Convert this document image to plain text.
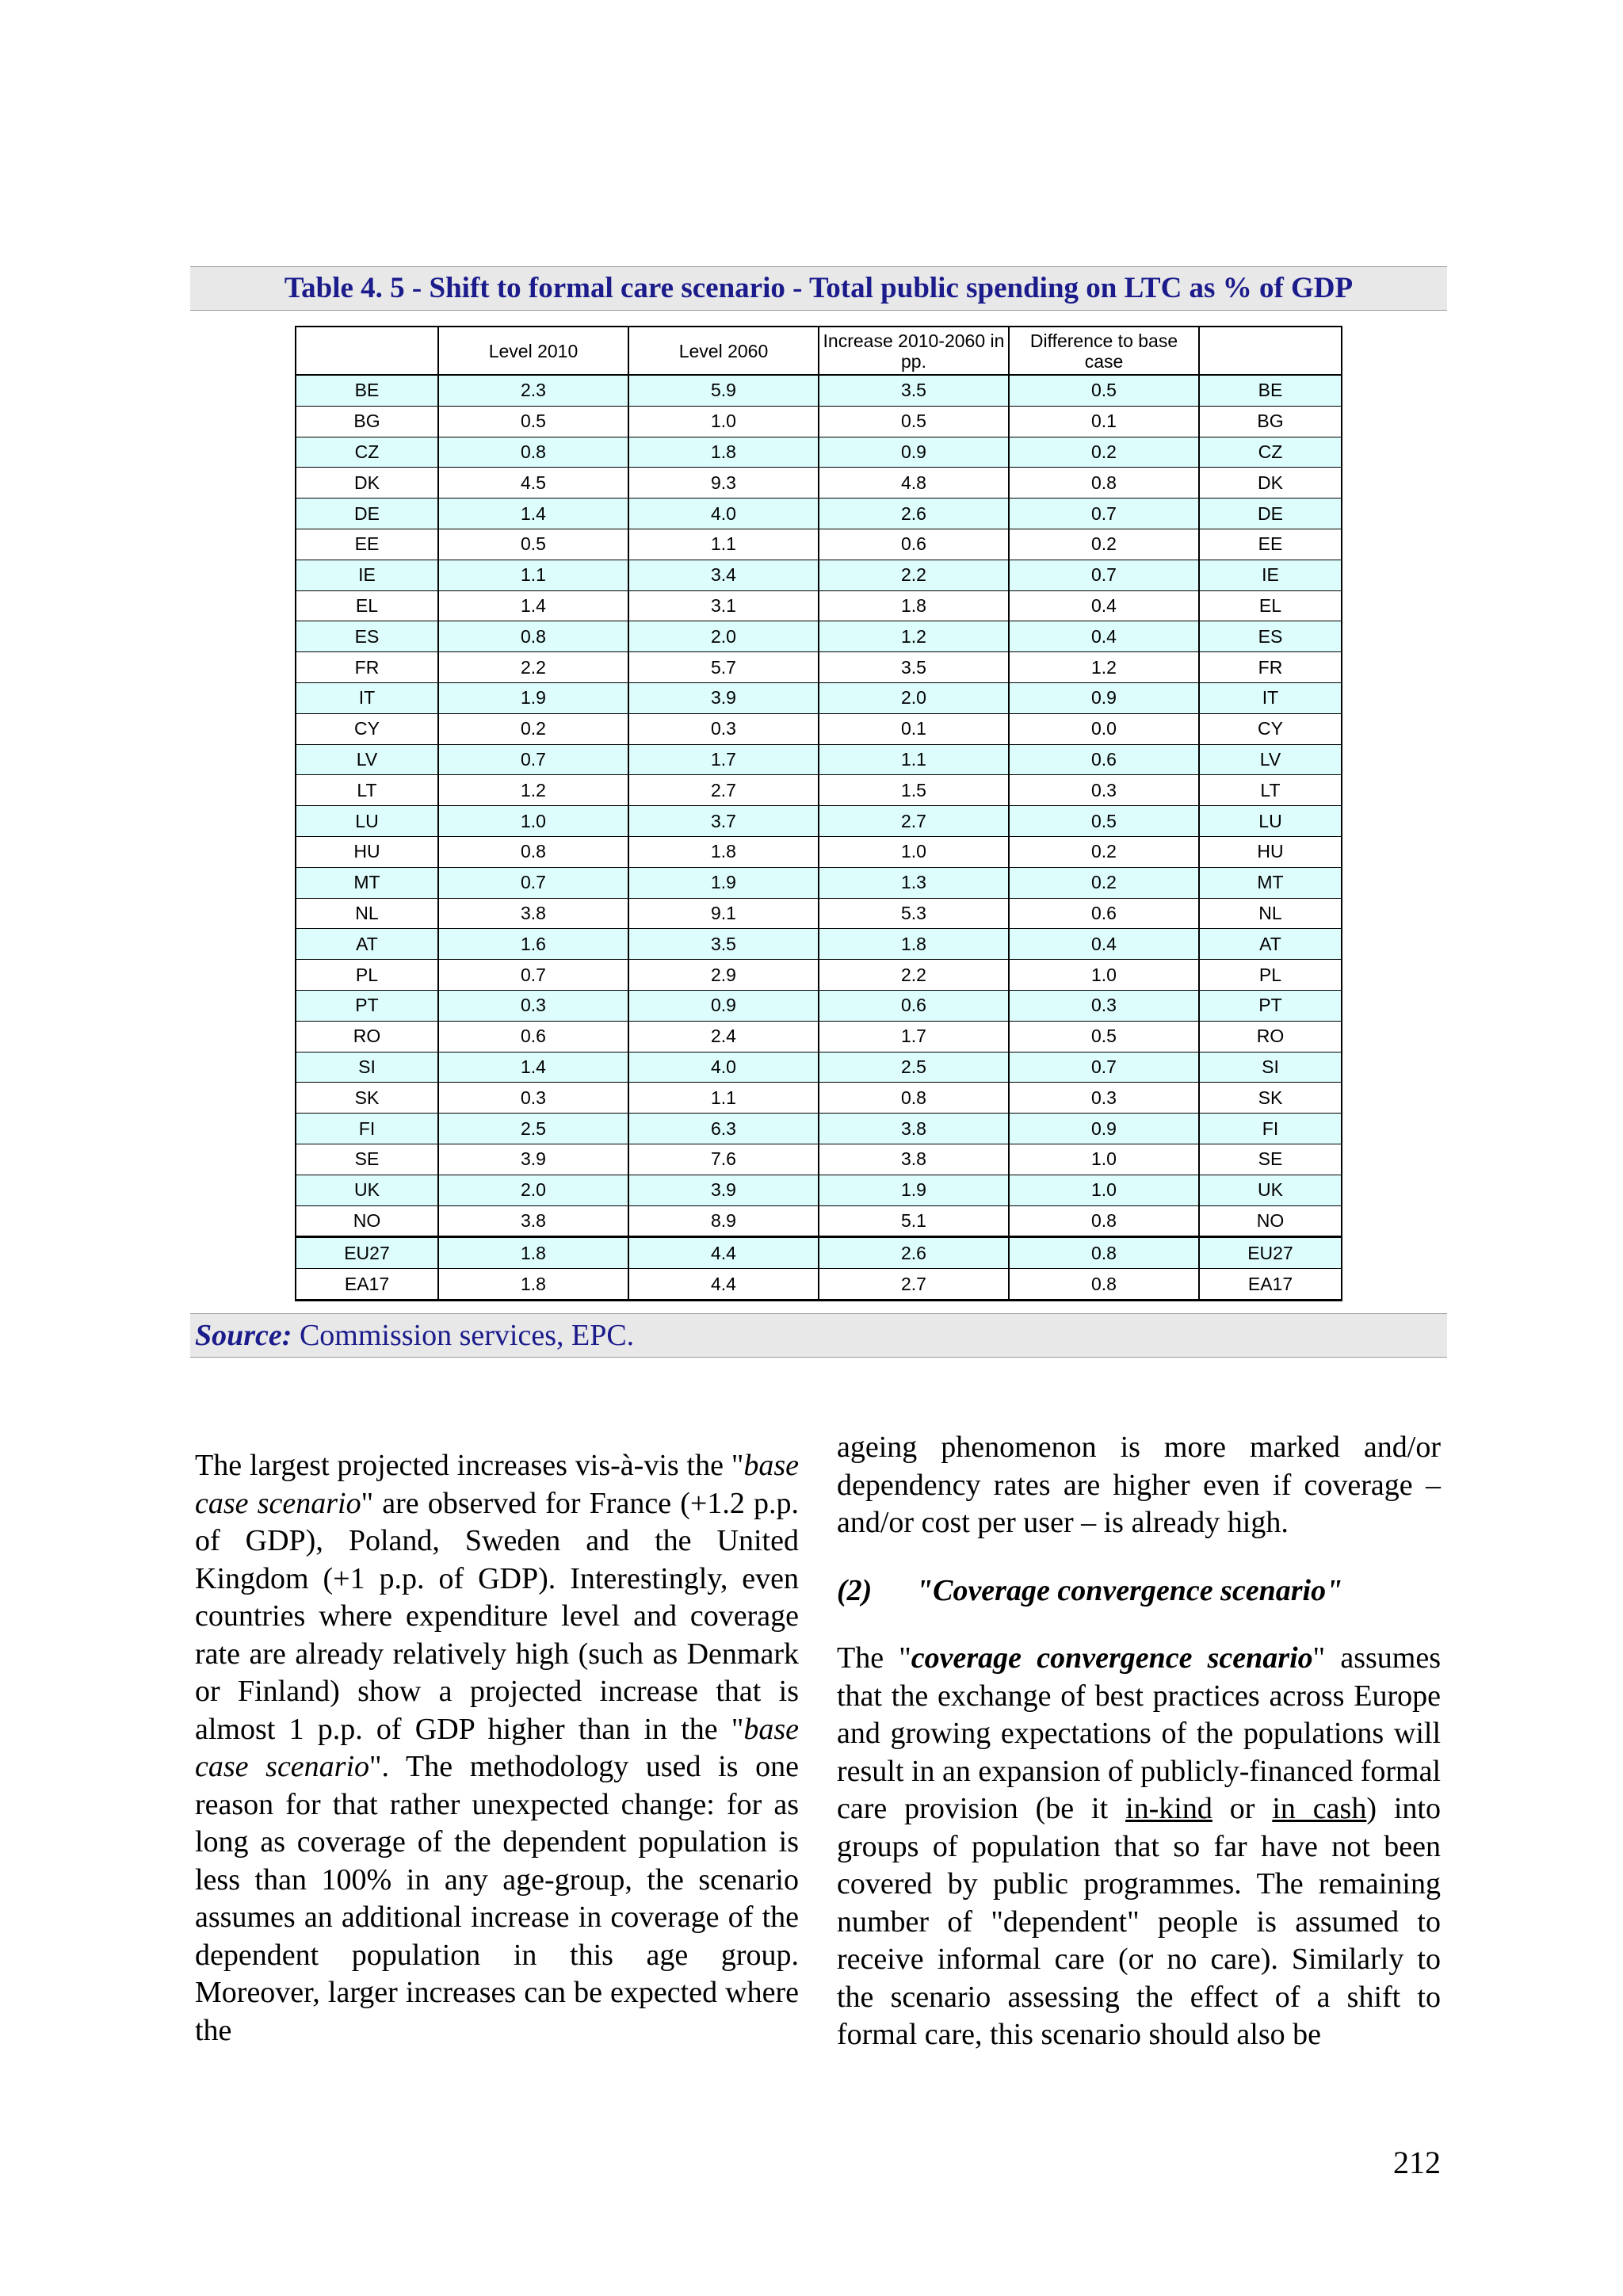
Table 4. 5 - Shift to formal care scenario - Total public spending on LTC as % of GDP
	Level 2010	Level 2060	Increase 2010-2060 in pp.	Difference to base case	
BE	2.3	5.9	3.5	0.5	BE
BG	0.5	1.0	0.5	0.1	BG
CZ	0.8	1.8	0.9	0.2	CZ
DK	4.5	9.3	4.8	0.8	DK
DE	1.4	4.0	2.6	0.7	DE
EE	0.5	1.1	0.6	0.2	EE
IE	1.1	3.4	2.2	0.7	IE
EL	1.4	3.1	1.8	0.4	EL
ES	0.8	2.0	1.2	0.4	ES
FR	2.2	5.7	3.5	1.2	FR
IT	1.9	3.9	2.0	0.9	IT
CY	0.2	0.3	0.1	0.0	CY
LV	0.7	1.7	1.1	0.6	LV
LT	1.2	2.7	1.5	0.3	LT
LU	1.0	3.7	2.7	0.5	LU
HU	0.8	1.8	1.0	0.2	HU
MT	0.7	1.9	1.3	0.2	MT
NL	3.8	9.1	5.3	0.6	NL
AT	1.6	3.5	1.8	0.4	AT
PL	0.7	2.9	2.2	1.0	PL
PT	0.3	0.9	0.6	0.3	PT
RO	0.6	2.4	1.7	0.5	RO
SI	1.4	4.0	2.5	0.7	SI
SK	0.3	1.1	0.8	0.3	SK
FI	2.5	6.3	3.8	0.9	FI
SE	3.9	7.6	3.8	1.0	SE
UK	2.0	3.9	1.9	1.0	UK
NO	3.8	8.9	5.1	0.8	NO
EU27	1.8	4.4	2.6	0.8	EU27
EA17	1.8	4.4	2.7	0.8	EA17
Source: Commission services, EPC.

The largest projected increases vis-à-vis the "base case scenario" are observed for France (+1.2 p.p. of GDP), Poland, Sweden and the United Kingdom (+1 p.p. of GDP). Interestingly, even countries where expenditure level and coverage rate are already relatively high (such as Denmark or Finland) show a projected increase that is almost 1 p.p. of GDP higher than in the "base case scenario". The methodology used is one reason for that rather unexpected change: for as long as coverage of the dependent population is less than 100% in any age-group, the scenario assumes an additional increase in coverage of the dependent population in this age group. Moreover, larger increases can be expected where the

ageing phenomenon is more marked and/or dependency rates are higher even if coverage – and/or cost per user – is already high.

(2) "Coverage convergence scenario"

The "coverage convergence scenario" assumes that the exchange of best practices across Europe and growing expectations of the populations will result in an expansion of publicly-financed formal care provision (be it in-kind or in cash) into groups of population that so far have not been covered by public programmes. The remaining number of "dependent" people is assumed to receive informal care (or no care). Similarly to the scenario assessing the effect of a shift to formal care, this scenario should also be

212
